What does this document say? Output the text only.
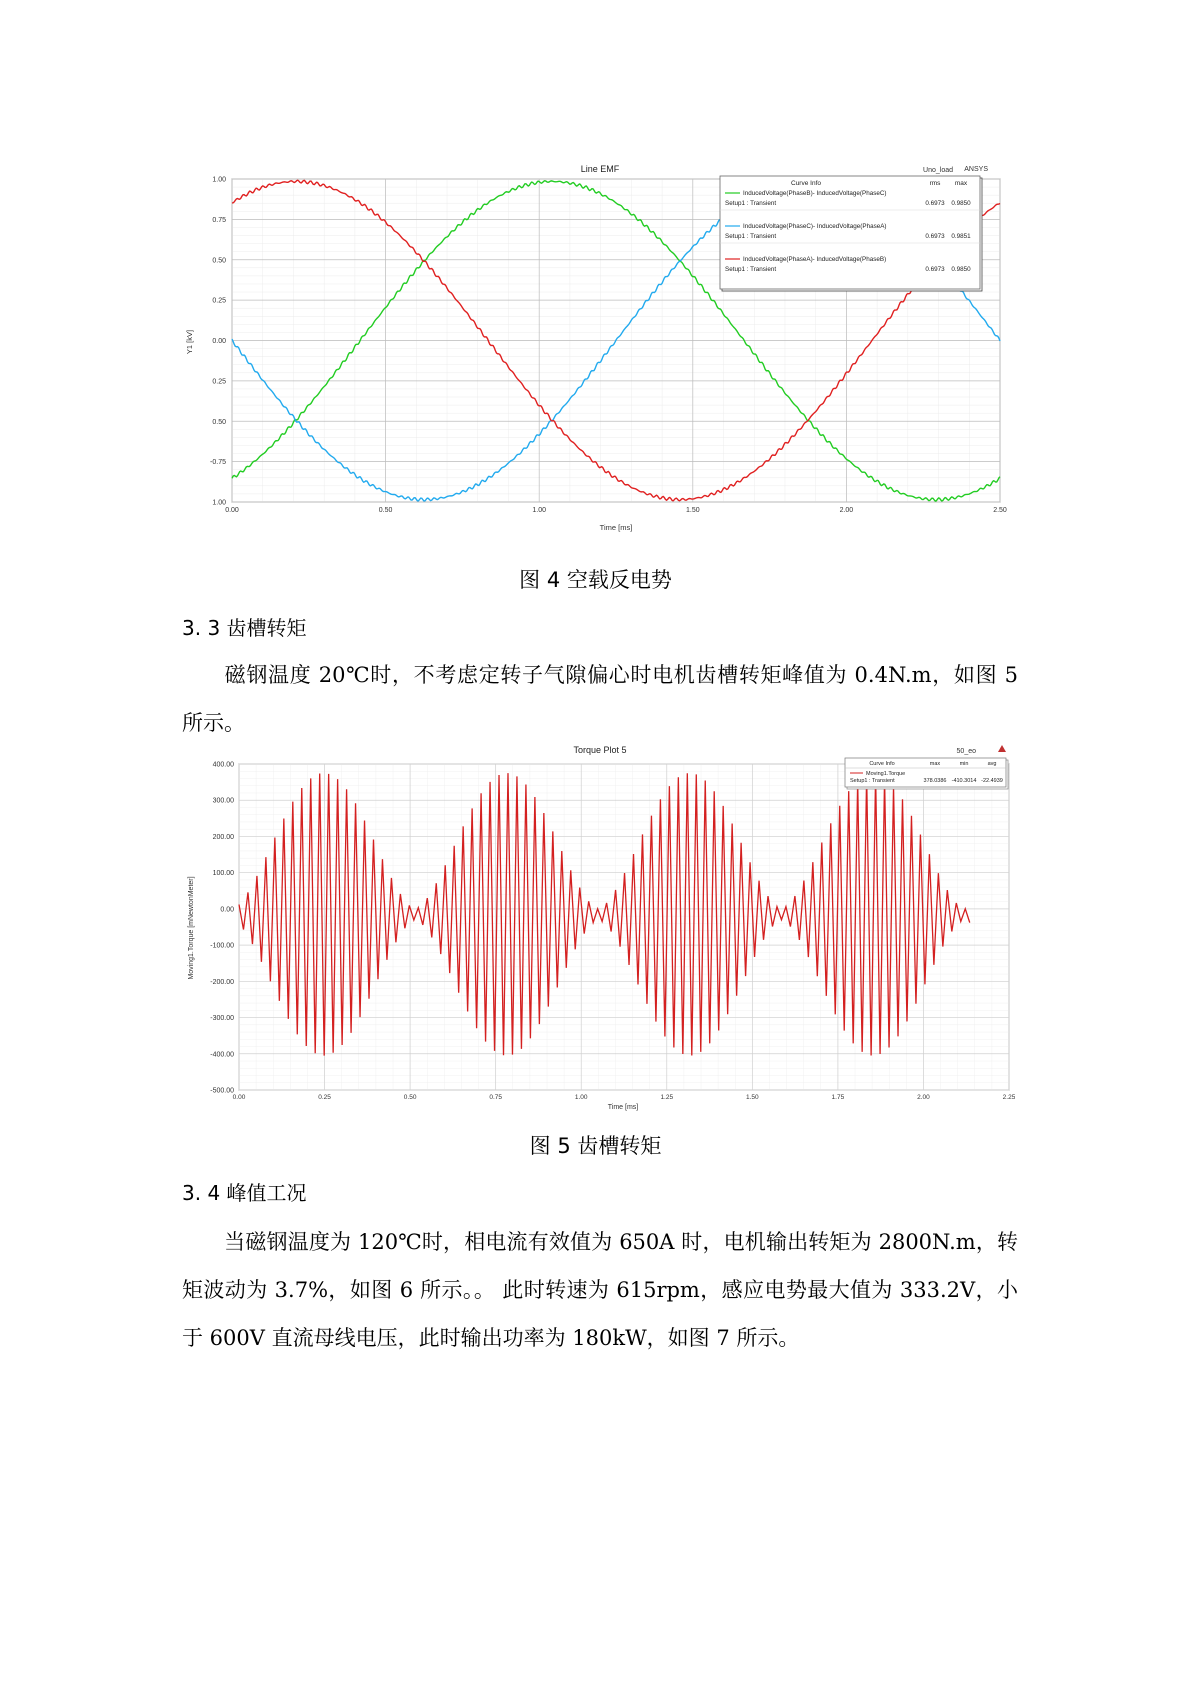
Line EMF	Uno_load ANSYS
1.00
0.75
0.50
0.25
0.00
0.25
0.50
-0.75
1.00
0.00	0.50	1.00	1.50	2.00	2.50
Time [ms]
Y1 [kV]
Curve Info	rms max
InducedVoltage(PhaseB)- InducedVoltage(PhaseC)
Setup1 : Transient	0.6973 0.9850
InducedVoltage(PhaseC)- InducedVoltage(PhaseA)
Setup1 : Transient	0.6973 0.9851
InducedVoltage(PhaseA)- InducedVoltage(PhaseB)
Setup1 : Transient	0.6973 0.9850
图 4 空载反电势
3. 3 齿槽转矩
磁钢温度 20℃时，不考虑定转子气隙偏心时电机齿槽转矩峰值为 0.4N.m，如图 5 所示。
Torque Plot 5	50_eo
400.00
300.00
200.00
100.00
0.00
-100.00
-200.00
-300.00
-400.00
-500.00
0.00	0.25	0.50	0.75	1.00	1.25	1.50	1.75	2.00	2.25
Time [ms]
Moving1.Torque [mNewtonMeter]
Curve Info	max	min	avg
Moving1.Torque
Setup1 : Transient	378.0386 -410.3014 -22.4939
图 5 齿槽转矩
3. 4 峰值工况
当磁钢温度为 120℃时，相电流有效值为 650A 时，电机输出转矩为 2800N.m，转矩波动为 3.7%，如图 6 所示。。 此时转速为 615rpm，感应电势最大值为 333.2V，小于 600V 直流母线电压，此时输出功率为 180kW，如图 7 所示。
